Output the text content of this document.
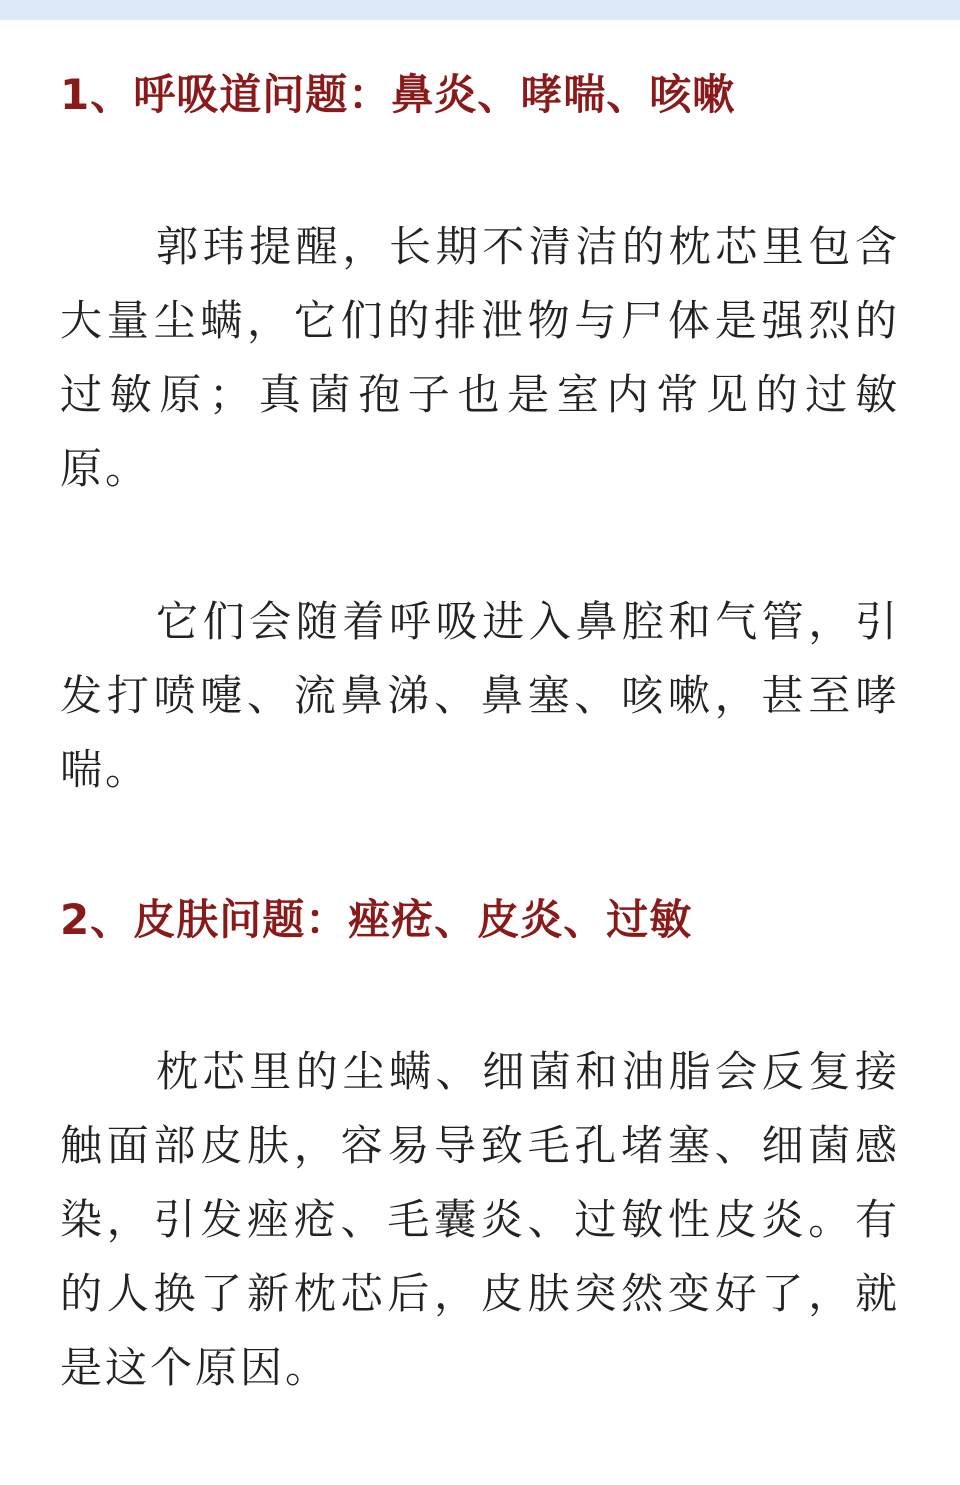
1、呼吸道问题：鼻炎、哮喘、咳嗽

郭玮提醒，长期不清洁的枕芯里包含大量尘螨，它们的排泄物与尸体是强烈的过敏原；真菌孢子也是室内常见的过敏原。

它们会随着呼吸进入鼻腔和气管，引发打喷嚏、流鼻涕、鼻塞、咳嗽，甚至哮喘。

2、皮肤问题：痤疮、皮炎、过敏

枕芯里的尘螨、细菌和油脂会反复接触面部皮肤，容易导致毛孔堵塞、细菌感染，引发痤疮、毛囊炎、过敏性皮炎。有的人换了新枕芯后，皮肤突然变好了，就是这个原因。
